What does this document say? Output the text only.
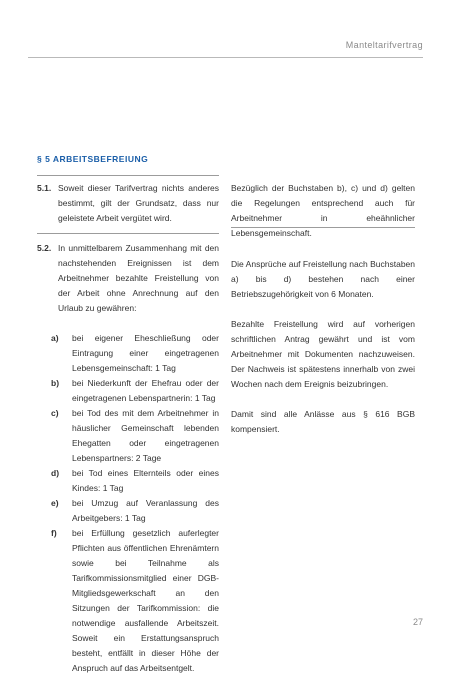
Manteltarifvertrag
§ 5 ARBEITSBEFREIUNG
5.1. Soweit dieser Tarifvertrag nichts anderes bestimmt, gilt der Grundsatz, dass nur geleistete Arbeit vergütet wird.
5.2. In unmittelbarem Zusammenhang mit den nachstehenden Ereignissen ist dem Arbeitnehmer bezahlte Freistellung von der Arbeit ohne Anrechnung auf den Urlaub zu gewähren:
a) bei eigener Eheschließung oder Eintragung einer eingetragenen Lebensgemeinschaft: 1 Tag
b) bei Niederkunft der Ehefrau oder der eingetragenen Lebenspartnerin: 1 Tag
c) bei Tod des mit dem Arbeitnehmer in häuslicher Gemeinschaft lebenden Ehegatten oder eingetragenen Lebenspartners: 2 Tage
d) bei Tod eines Elternteils oder eines Kindes: 1 Tag
e) bei Umzug auf Veranlassung des Arbeitgebers: 1 Tag
f) bei Erfüllung gesetzlich auferlegter Pflichten aus öffentlichen Ehrenämtern sowie bei Teilnahme als Tarifkommissionsmitglied einer DGB-Mitgliedsgewerkschaft an den Sitzungen der Tarifkommission: die notwendige ausfallende Arbeitszeit. Soweit ein Erstattungsanspruch besteht, entfällt in dieser Höhe der Anspruch auf das Arbeitsentgelt.
Bezüglich der Buchstaben b), c) und d) gelten die Regelungen entsprechend auch für Arbeitnehmer in eheähnlicher Lebensgemeinschaft.
Die Ansprüche auf Freistellung nach Buchstaben a) bis d) bestehen nach einer Betriebszugehörigkeit von 6 Monaten.
Bezahlte Freistellung wird auf vorherigen schriftlichen Antrag gewährt und ist vom Arbeitnehmer mit Dokumenten nachzuweisen. Der Nachweis ist spätestens innerhalb von zwei Wochen nach dem Ereignis beizubringen.
Damit sind alle Anlässe aus § 616 BGB kompensiert.
27
